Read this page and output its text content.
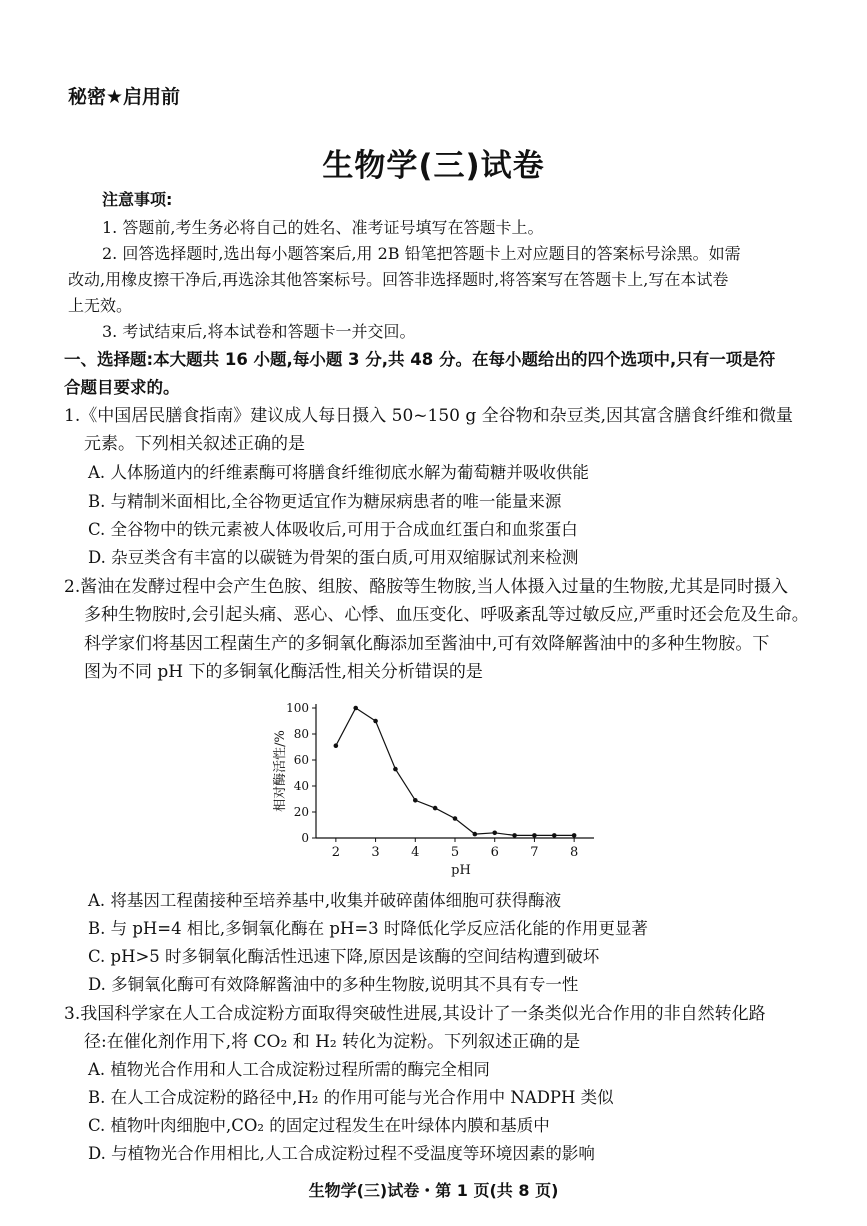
秘密★启用前
生物学(三)试卷
注意事项:
1. 答题前,考生务必将自己的姓名、准考证号填写在答题卡上。
2. 回答选择题时,选出每小题答案后,用 2B 铅笔把答题卡上对应题目的答案标号涂黑。如需
改动,用橡皮擦干净后,再选涂其他答案标号。回答非选择题时,将答案写在答题卡上,写在本试卷
上无效。
3. 考试结束后,将本试卷和答题卡一并交回。
一、选择题:本大题共 16 小题,每小题 3 分,共 48 分。在每小题给出的四个选项中,只有一项是符
合题目要求的。
1.《中国居民膳食指南》建议成人每日摄入 50~150 g 全谷物和杂豆类,因其富含膳食纤维和微量
元素。下列相关叙述正确的是
A. 人体肠道内的纤维素酶可将膳食纤维彻底水解为葡萄糖并吸收供能
B. 与精制米面相比,全谷物更适宜作为糖尿病患者的唯一能量来源
C. 全谷物中的铁元素被人体吸收后,可用于合成血红蛋白和血浆蛋白
D. 杂豆类含有丰富的以碳链为骨架的蛋白质,可用双缩脲试剂来检测
2.酱油在发酵过程中会产生色胺、组胺、酪胺等生物胺,当人体摄入过量的生物胺,尤其是同时摄入
多种生物胺时,会引起头痛、恶心、心悸、血压变化、呼吸紊乱等过敏反应,严重时还会危及生命。
科学家们将基因工程菌生产的多铜氧化酶添加至酱油中,可有效降解酱油中的多种生物胺。下
图为不同 pH 下的多铜氧化酶活性,相关分析错误的是
2 3 4 5 6 7 8
0
20
40
60
80
100
相对酶活性/%
pH
A. 将基因工程菌接种至培养基中,收集并破碎菌体细胞可获得酶液
B. 与 pH=4 相比,多铜氧化酶在 pH=3 时降低化学反应活化能的作用更显著
C. pH>5 时多铜氧化酶活性迅速下降,原因是该酶的空间结构遭到破坏
D. 多铜氧化酶可有效降解酱油中的多种生物胺,说明其不具有专一性
3.我国科学家在人工合成淀粉方面取得突破性进展,其设计了一条类似光合作用的非自然转化路
径:在催化剂作用下,将 CO₂ 和 H₂ 转化为淀粉。下列叙述正确的是
A. 植物光合作用和人工合成淀粉过程所需的酶完全相同
B. 在人工合成淀粉的路径中,H₂ 的作用可能与光合作用中 NADPH 类似
C. 植物叶肉细胞中,CO₂ 的固定过程发生在叶绿体内膜和基质中
D. 与植物光合作用相比,人工合成淀粉过程不受温度等环境因素的影响
生物学(三)试卷・第 1 页(共 8 页)
